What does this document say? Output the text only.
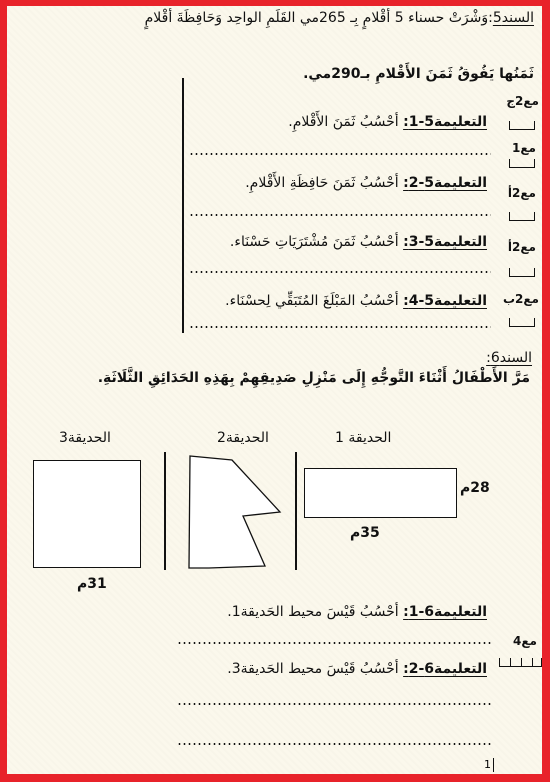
السند5:وَشْرَتْ حسناء 5 أقْلامٍ بِـ 265مي القَلَمِ الواحِد وَحَافِظَةَ أقْلامٍ
ثَمَنُها يَفُوقُ ثَمَنَ الأَقْلامِ بـ290مي.
التعليمة5-1: أحْسُبُ ثَمَنَ الأَقْلامِ.
التعليمة5-2: أحْسُبُ ثَمَنَ حَافِظَةِ الأَقْلامِ.
التعليمة5-3: أحْسُبُ ثَمَنَ مُشْتَرَيَاتِ حَسْنَاء.
التعليمة5-4: أحْسُبُ المَبْلَغَ المُتَبَقِّي لِحسْنَاء.
مع2ج
مع1
مع2أ
مع2أ
مع2ب
السند6:
مَرَّ الأَطْفَالُ أَثْنَاءَ التَّوجُّهِ إِلَى مَنْزِلِ صَدِيقِهِمْ بِهَذِهِ الحَدَائِقِ الثَّلَاثَةِ.
الحديقة 1
الحديقة2
الحديقة3
31م
28م
35م
التعليمة6-1: أحْسُبُ قَيْسَ محيط الحَديقة1.
التعليمة6-2: أحْسُبُ قَيْسَ محيط الحَديقة3.
مع4
1
